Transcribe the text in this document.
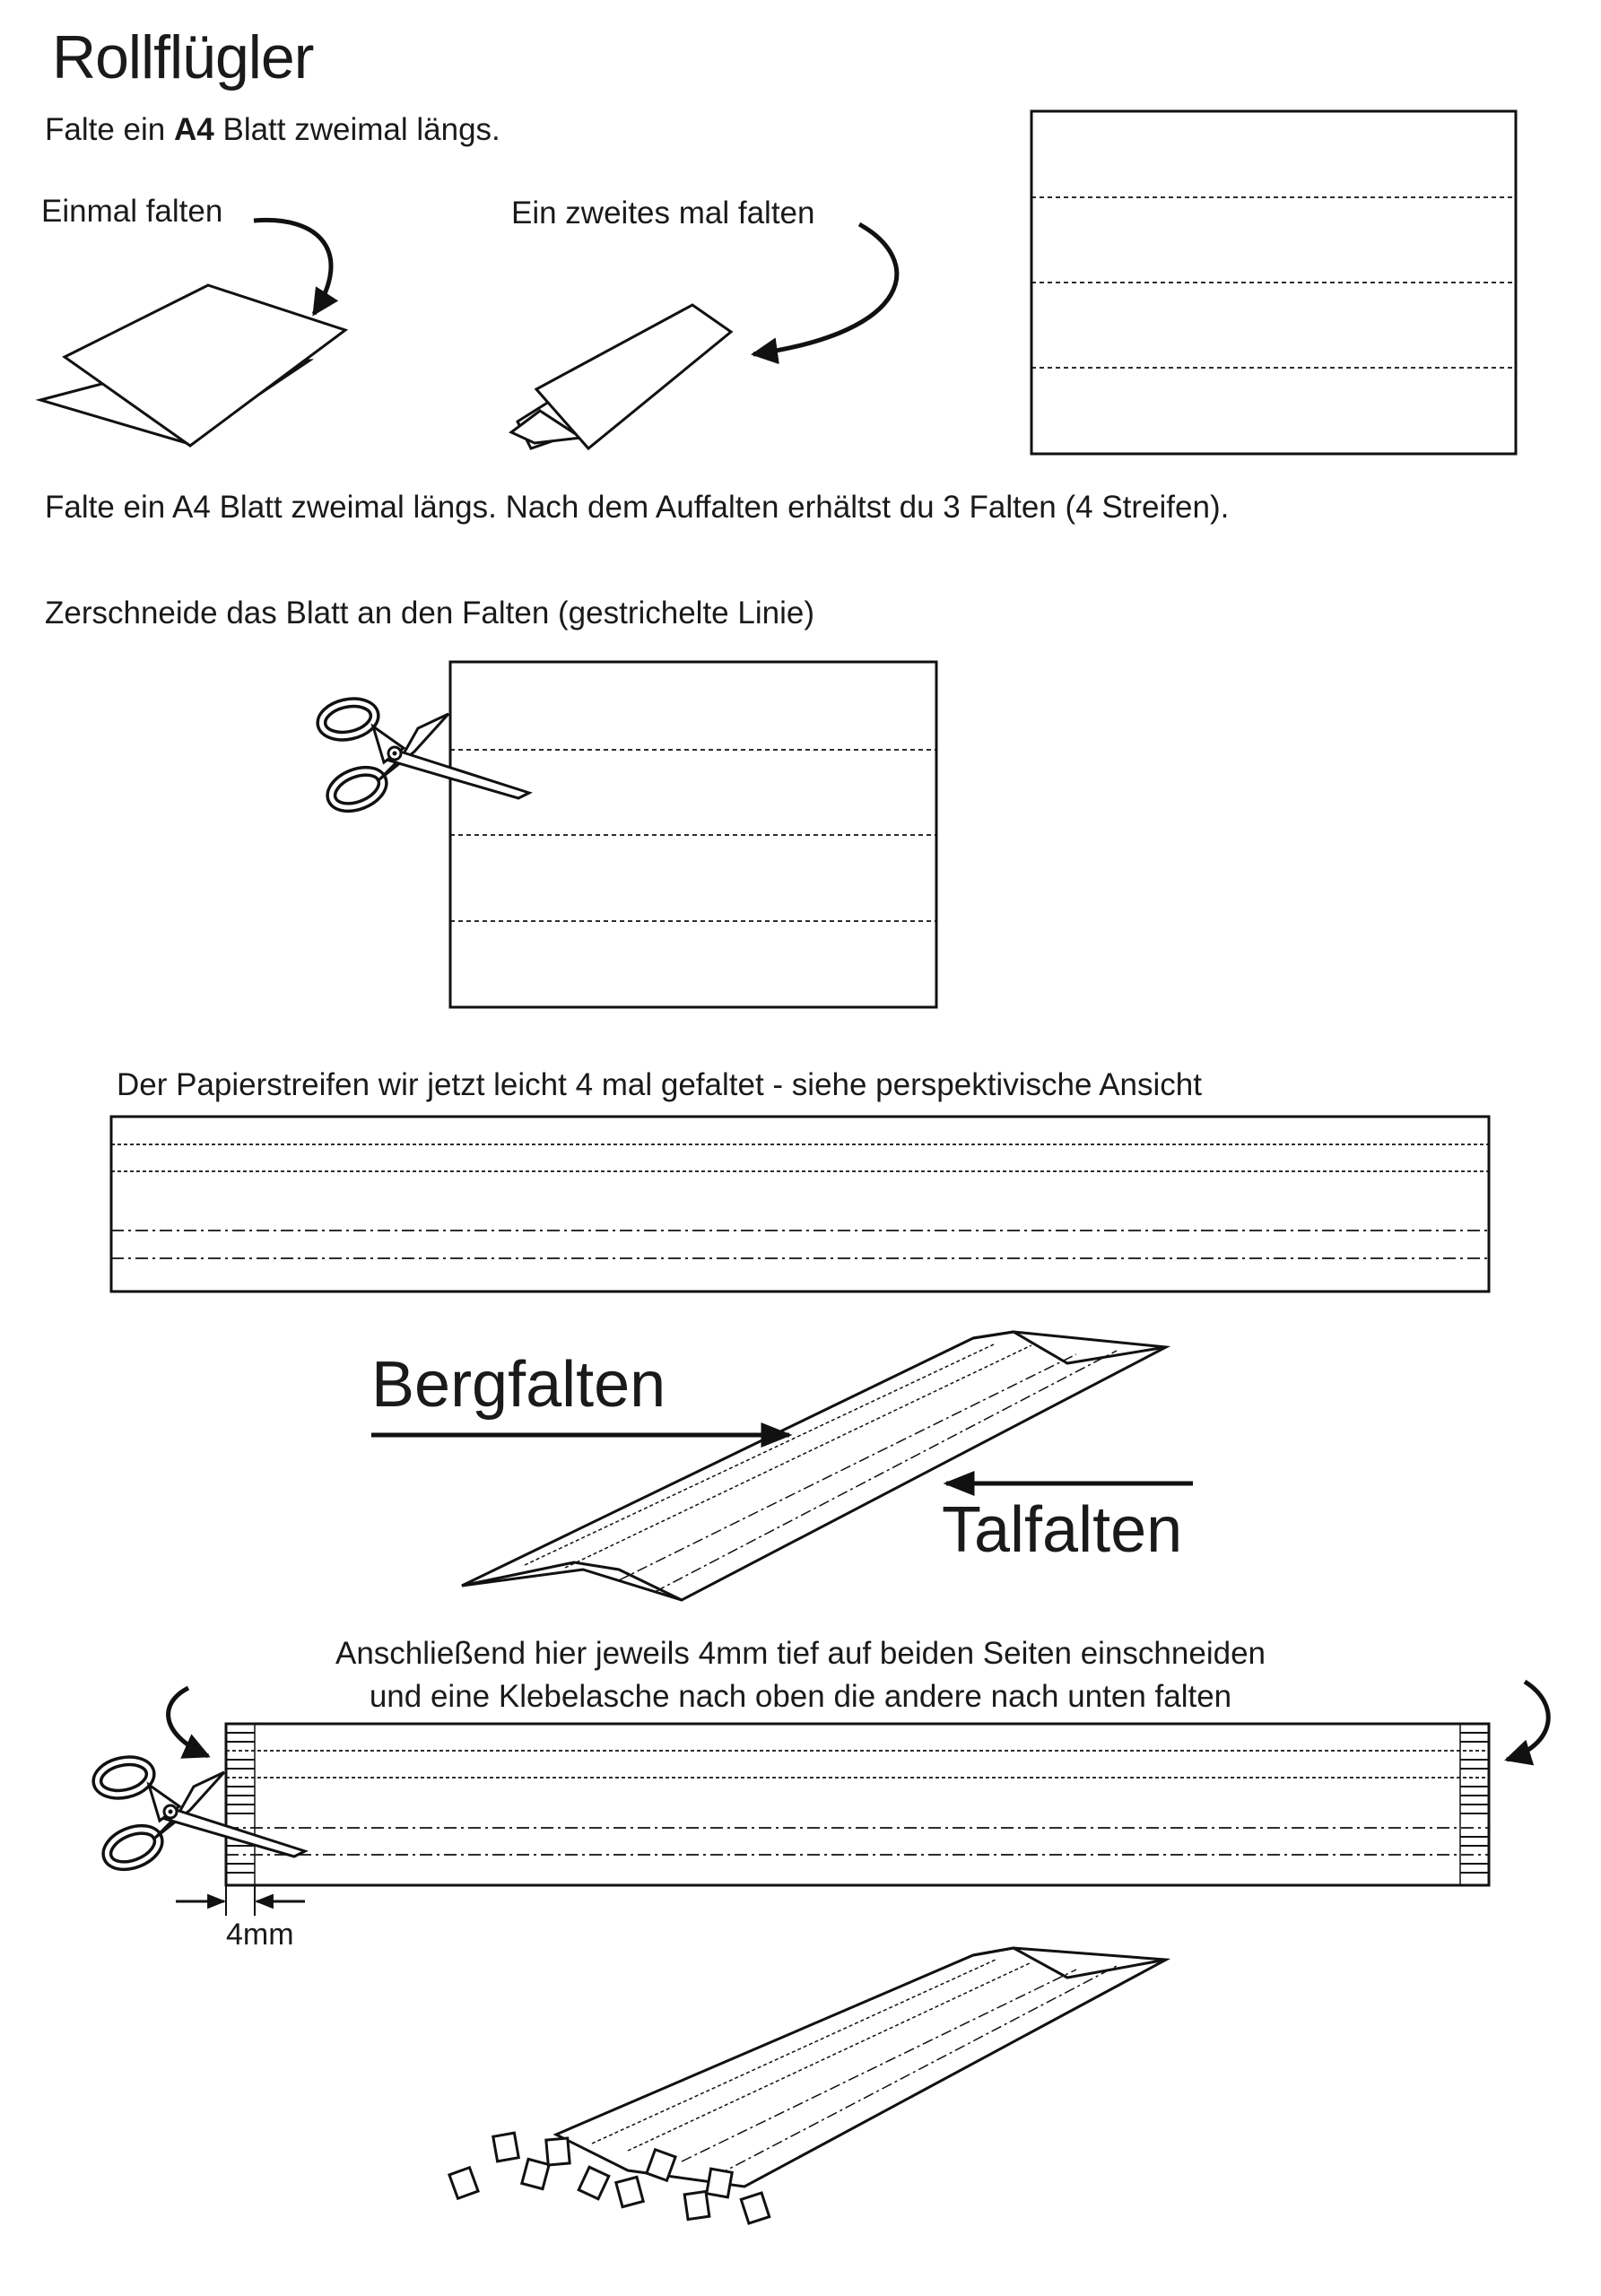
Rollflügler
Falte ein A4 Blatt zweimal längs.
Einmal falten	Ein zweites mal falten
Falte ein A4 Blatt zweimal längs. Nach dem Auffalten erhältst du 3 Falten (4 Streifen).
Zerschneide das Blatt an den Falten (gestrichelte Linie)
Der Papierstreifen wir jetzt leicht 4 mal gefaltet - siehe perspektivische Ansicht
Bergfalten
Talfalten
Anschließend hier jeweils 4mm tief auf beiden Seiten einschneiden
und eine Klebelasche nach oben die andere nach unten falten
4mm
